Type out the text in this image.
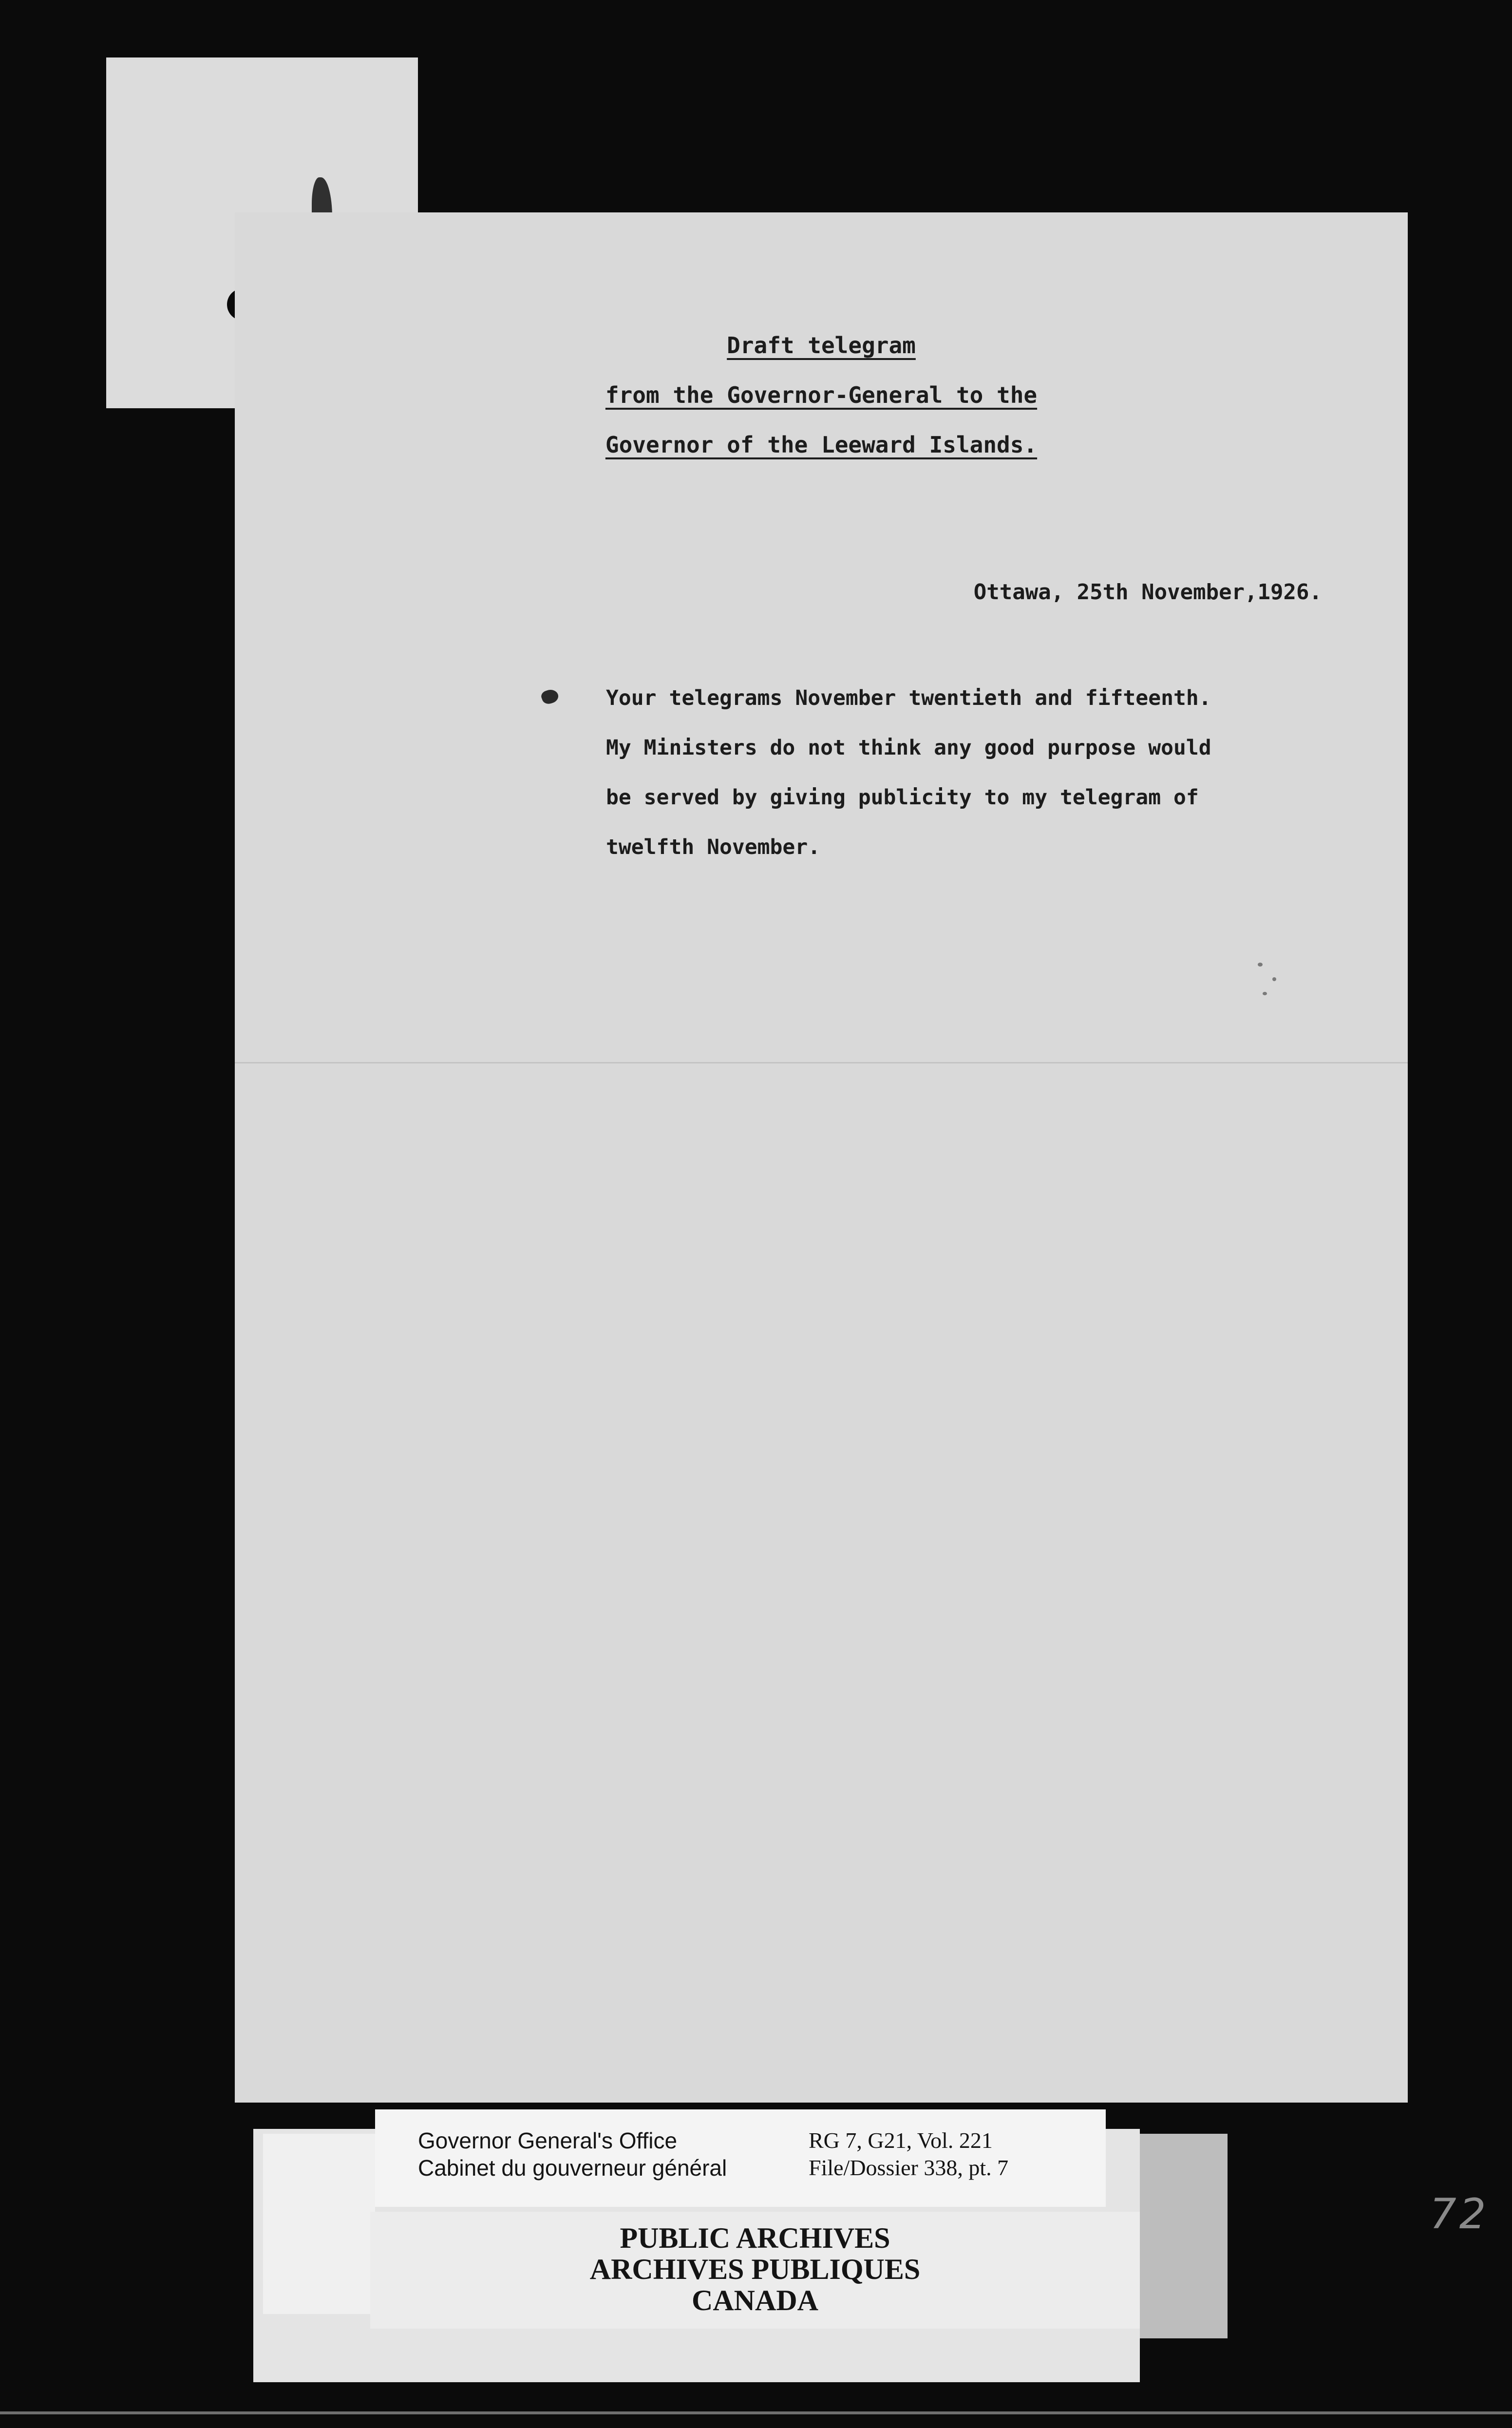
Draft telegram
from the Governor-General to the
Governor of the Leeward Islands.
Ottawa, 25th November,1926.
Your telegrams November twentieth and fifteenth.
My Ministers do not think any good purpose would
be served by giving publicity to my telegram of
twelfth November.
Governor General's Office
Cabinet du gouverneur général
RG 7, G21, Vol. 221
File/Dossier 338, pt. 7
PUBLIC ARCHIVES
ARCHIVES PUBLIQUES
CANADA
72
